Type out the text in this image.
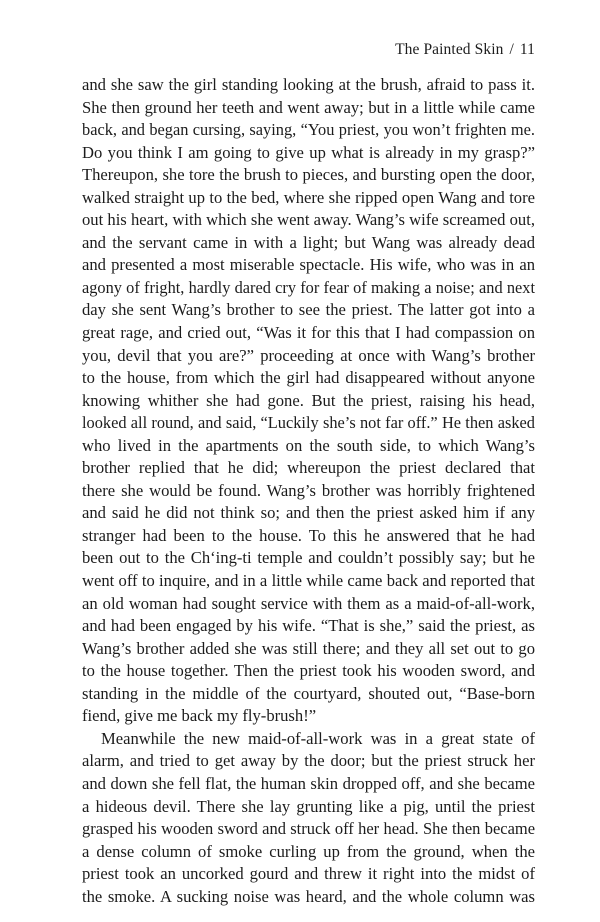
The Painted Skin / 11
and she saw the girl standing looking at the brush, afraid to pass it.
She then ground her teeth and went away; but in a little while came
back, and began cursing, saying, “You priest, you won’t frighten me.
Do you think I am going to give up what is already in my grasp?”
Thereupon, she tore the brush to pieces, and bursting open the door,
walked straight up to the bed, where she ripped open Wang and tore
out his heart, with which she went away. Wang’s wife screamed out,
and the servant came in with a light; but Wang was already dead
and presented a most miserable spectacle. His wife, who was in an
agony of fright, hardly dared cry for fear of making a noise; and next
day she sent Wang’s brother to see the priest. The latter got into a
great rage, and cried out, “Was it for this that I had compassion on
you, devil that you are?” proceeding at once with Wang’s brother
to the house, from which the girl had disappeared without anyone
knowing whither she had gone. But the priest, raising his head,
looked all round, and said, “Luckily she’s not far off.” He then asked
who lived in the apartments on the south side, to which Wang’s
brother replied that he did; whereupon the priest declared that
there she would be found. Wang’s brother was horribly frightened
and said he did not think so; and then the priest asked him if any
stranger had been to the house. To this he answered that he had
been out to the Ch‘ing-ti temple and couldn’t possibly say; but he
went off to inquire, and in a little while came back and reported that
an old woman had sought service with them as a maid-of-all-work,
and had been engaged by his wife. “That is she,” said the priest, as
Wang’s brother added she was still there; and they all set out to go
to the house together. Then the priest took his wooden sword, and
standing in the middle of the courtyard, shouted out, “Base-born
fiend, give me back my fly-brush!”
Meanwhile the new maid-of-all-work was in a great state of
alarm, and tried to get away by the door; but the priest struck her
and down she fell flat, the human skin dropped off, and she became
a hideous devil. There she lay grunting like a pig, until the priest
grasped his wooden sword and struck off her head. She then became
a dense column of smoke curling up from the ground, when the
priest took an uncorked gourd and threw it right into the midst of
the smoke. A sucking noise was heard, and the whole column was
